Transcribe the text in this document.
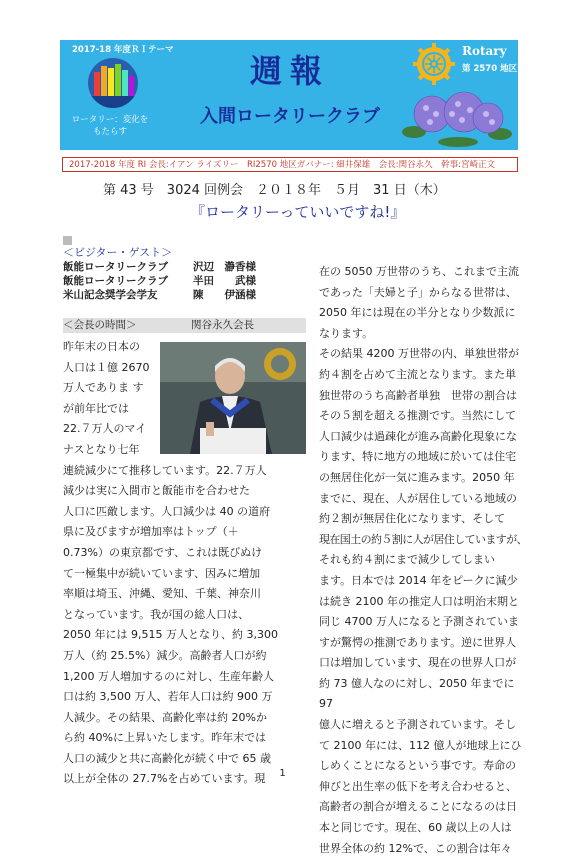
2017-18 年度ＲＩテーマ
ロータリー：変化をもたらす
週報
入間ロータリークラブ
Rotary
第 2570 地区
2017-2018 年度 RI 会長:イアン ライズリー　RI2570 地区ガバナー: 細井保雄　会長:関谷永久　幹事:宮崎正文
第 43 号　3024 回例会　２０１８年　５月　31 日（木）
『ロータリーっていいですね!』
＜ビジター・ゲスト＞
飯能ロータリークラブ 沢辺　瀞香様
飯能ロータリークラブ 半田　　武様
米山記念奨学会学友	陳　　伊涵様
＜会長の時間＞	関谷永久会長
昨年末の日本の
人口は１億 2670
万人でありま す
が前年比では
22.７万人のマイ
ナスとなり七年
連続減少にて推移しています。22.７万人
減少は実に入間市と飯能市を合わせた
人口に匹敵します。人口減少は 40 の道府
県に及びますが増加率はトップ（＋
0.73%）の東京都です、これは既びぬけ
て一極集中が続いています、因みに増加
率順は埼玉、沖縄、愛知、千葉、神奈川
となっています。我が国の総人口は、
2050 年には 9,515 万人となり、約 3,300
万人（約 25.5%）減少。高齢者人口が約
1,200 万人増加するのに対し、生産年齢人
口は約 3,500 万人、若年人口は約 900 万
人減少。その結果、高齢化率は約 20%か
ら約 40%に上昇いたします。昨年末では
人口の減少と共に高齢化が続く中で 65 歳
以上が全体の 27.7%を占めています。現
在の 5050 万世帯のうち、これまで主流
であった「夫婦と子」からなる世帯は、
2050 年には現在の半分となり少数派に
なります。
その結果 4200 万世帯の内、単独世帯が
約４割を占めて主流となります。また単
独世帯のうち高齢者単独　世帯の割合は
その５割を超える推測です。当然にして
人口減少は過疎化が進み高齢化現象にな
ります、特に地方の地域に於いては住宅
の無居住化が一気に進みます。2050 年
までに、現在、人が居住している地域の
約２割が無居住化になります、そして
現在国土の約５割に人が居住していますが、
それも約４割にまで減少してしまい
ます。日本では 2014 年をピークに減少
は続き 2100 年の推定人口は明治末期と
同じ 4700 万人になると予測されていま
すが驚愕の推測であります。逆に世界人
口は増加しています、現在の世界人口が
約 73 億人なのに対し、2050 年までに 97
億人に増えると予測されています。そし
て 2100 年には、112 億人が地球上にひ
しめくことになるという事です。寿命の
伸びと出生率の低下を考え合わせると、
高齢者の割合が増えることになるのは日
本と同じです。現在、60 歳以上の人は
世界全体の約 12%で、この割合は年々
1
